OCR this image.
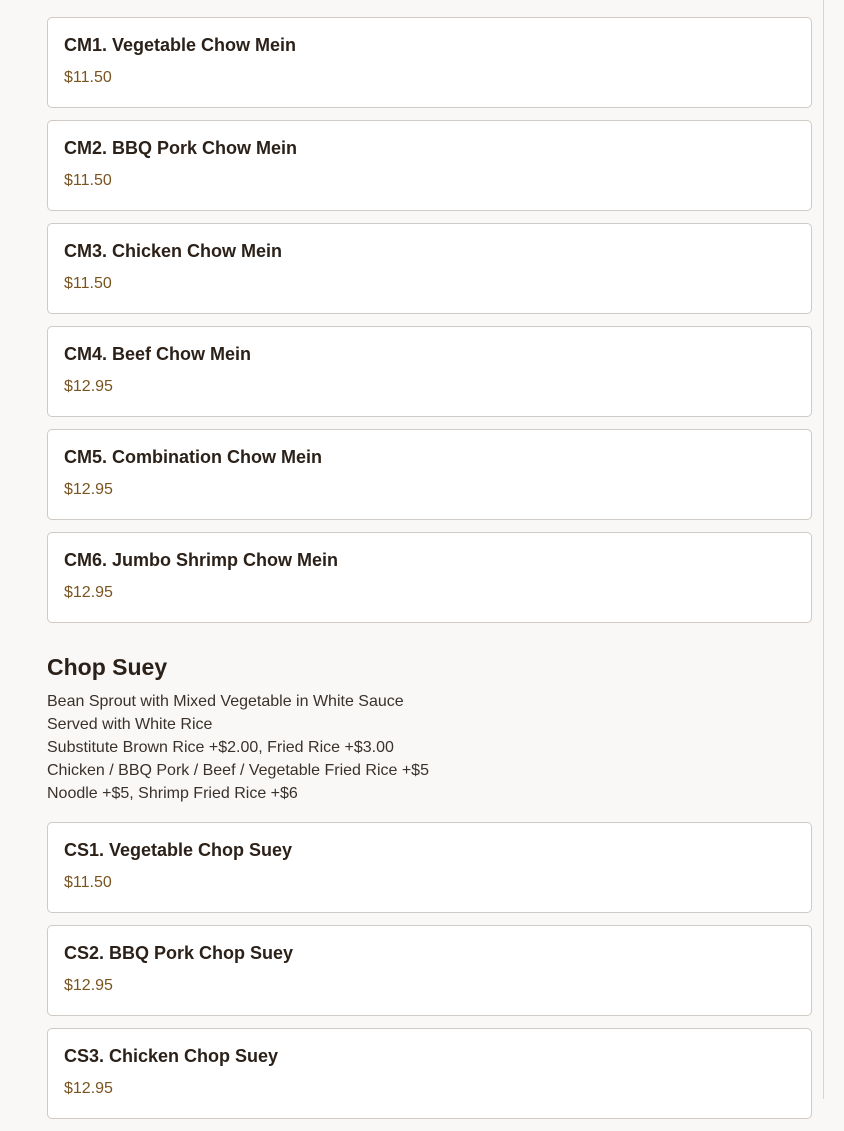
CM1. Vegetable Chow Mein
$11.50
CM2. BBQ Pork Chow Mein
$11.50
CM3. Chicken Chow Mein
$11.50
CM4. Beef Chow Mein
$12.95
CM5. Combination Chow Mein
$12.95
CM6. Jumbo Shrimp Chow Mein
$12.95
Chop Suey
Bean Sprout with Mixed Vegetable in White Sauce
Served with White Rice
Substitute Brown Rice +$2.00, Fried Rice +$3.00
Chicken / BBQ Pork / Beef / Vegetable Fried Rice +$5
Noodle +$5, Shrimp Fried Rice +$6
CS1. Vegetable Chop Suey
$11.50
CS2. BBQ Pork Chop Suey
$12.95
CS3. Chicken Chop Suey
$12.95
